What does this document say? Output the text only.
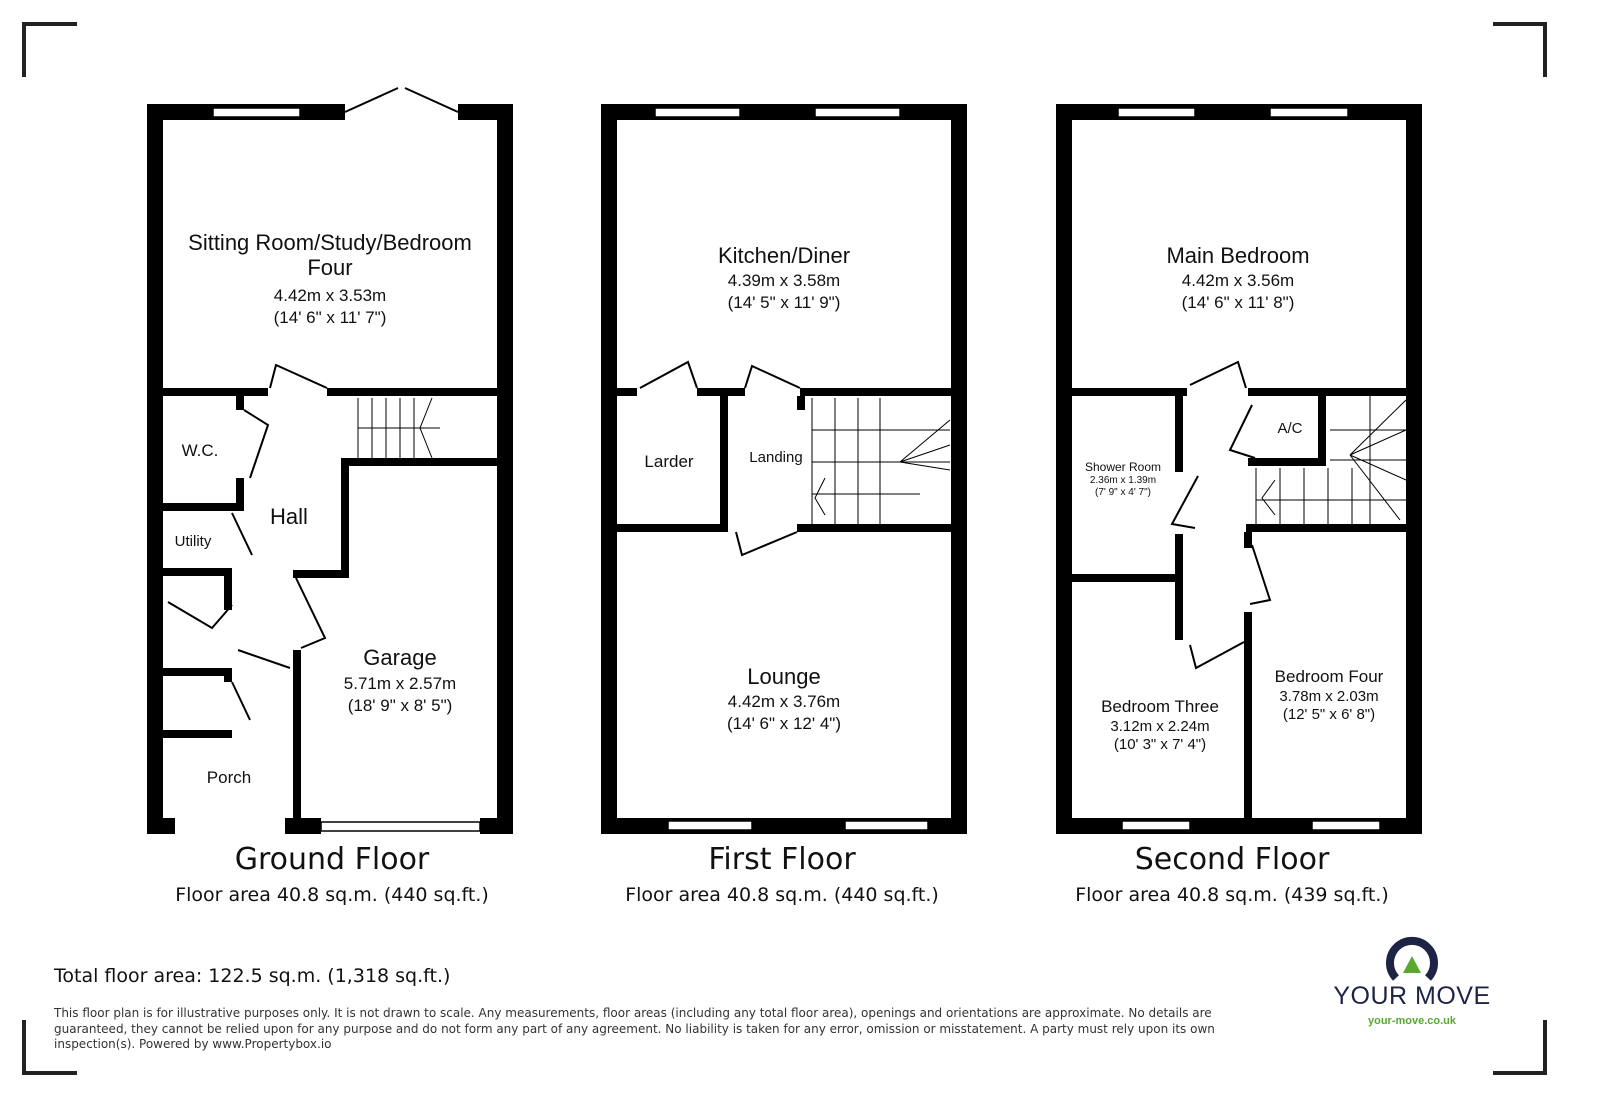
Sitting Room/Study/Bedroom
Four
4.42m x 3.53m
(14' 6" x 11' 7")
W.C.
Hall
Utility
Garage
5.71m x 2.57m
(18' 9" x 8' 5")
Porch
Ground Floor
Floor area 40.8 sq.m. (440 sq.ft.)
Kitchen/Diner
4.39m x 3.58m
(14' 5" x 11' 9")
Larder	Landing
Lounge
4.42m x 3.76m
(14' 6" x 12' 4")
First Floor
Floor area 40.8 sq.m. (440 sq.ft.)
Main Bedroom
4.42m x 3.56m
(14' 6" x 11' 8")
A/C
Shower Room
2.36m x 1.39m
(7' 9" x 4' 7")
Bedroom Three
3.12m x 2.24m
(10' 3" x 7' 4")
Bedroom Four
3.78m x 2.03m
(12' 5" x 6' 8")
Second Floor
Floor area 40.8 sq.m. (439 sq.ft.)
Total floor area: 122.5 sq.m. (1,318 sq.ft.)
This floor plan is for illustrative purposes only. It is not drawn to scale. Any measurements, floor areas (including any total floor area), openings and orientations are approximate. No details are guaranteed, they cannot be relied upon for any purpose and do not form any part of any agreement. No liability is taken for any error, omission or misstatement. A party must rely upon its own inspection(s). Powered by www.Propertybox.io
YOUR MOVE
your-move.co.uk
